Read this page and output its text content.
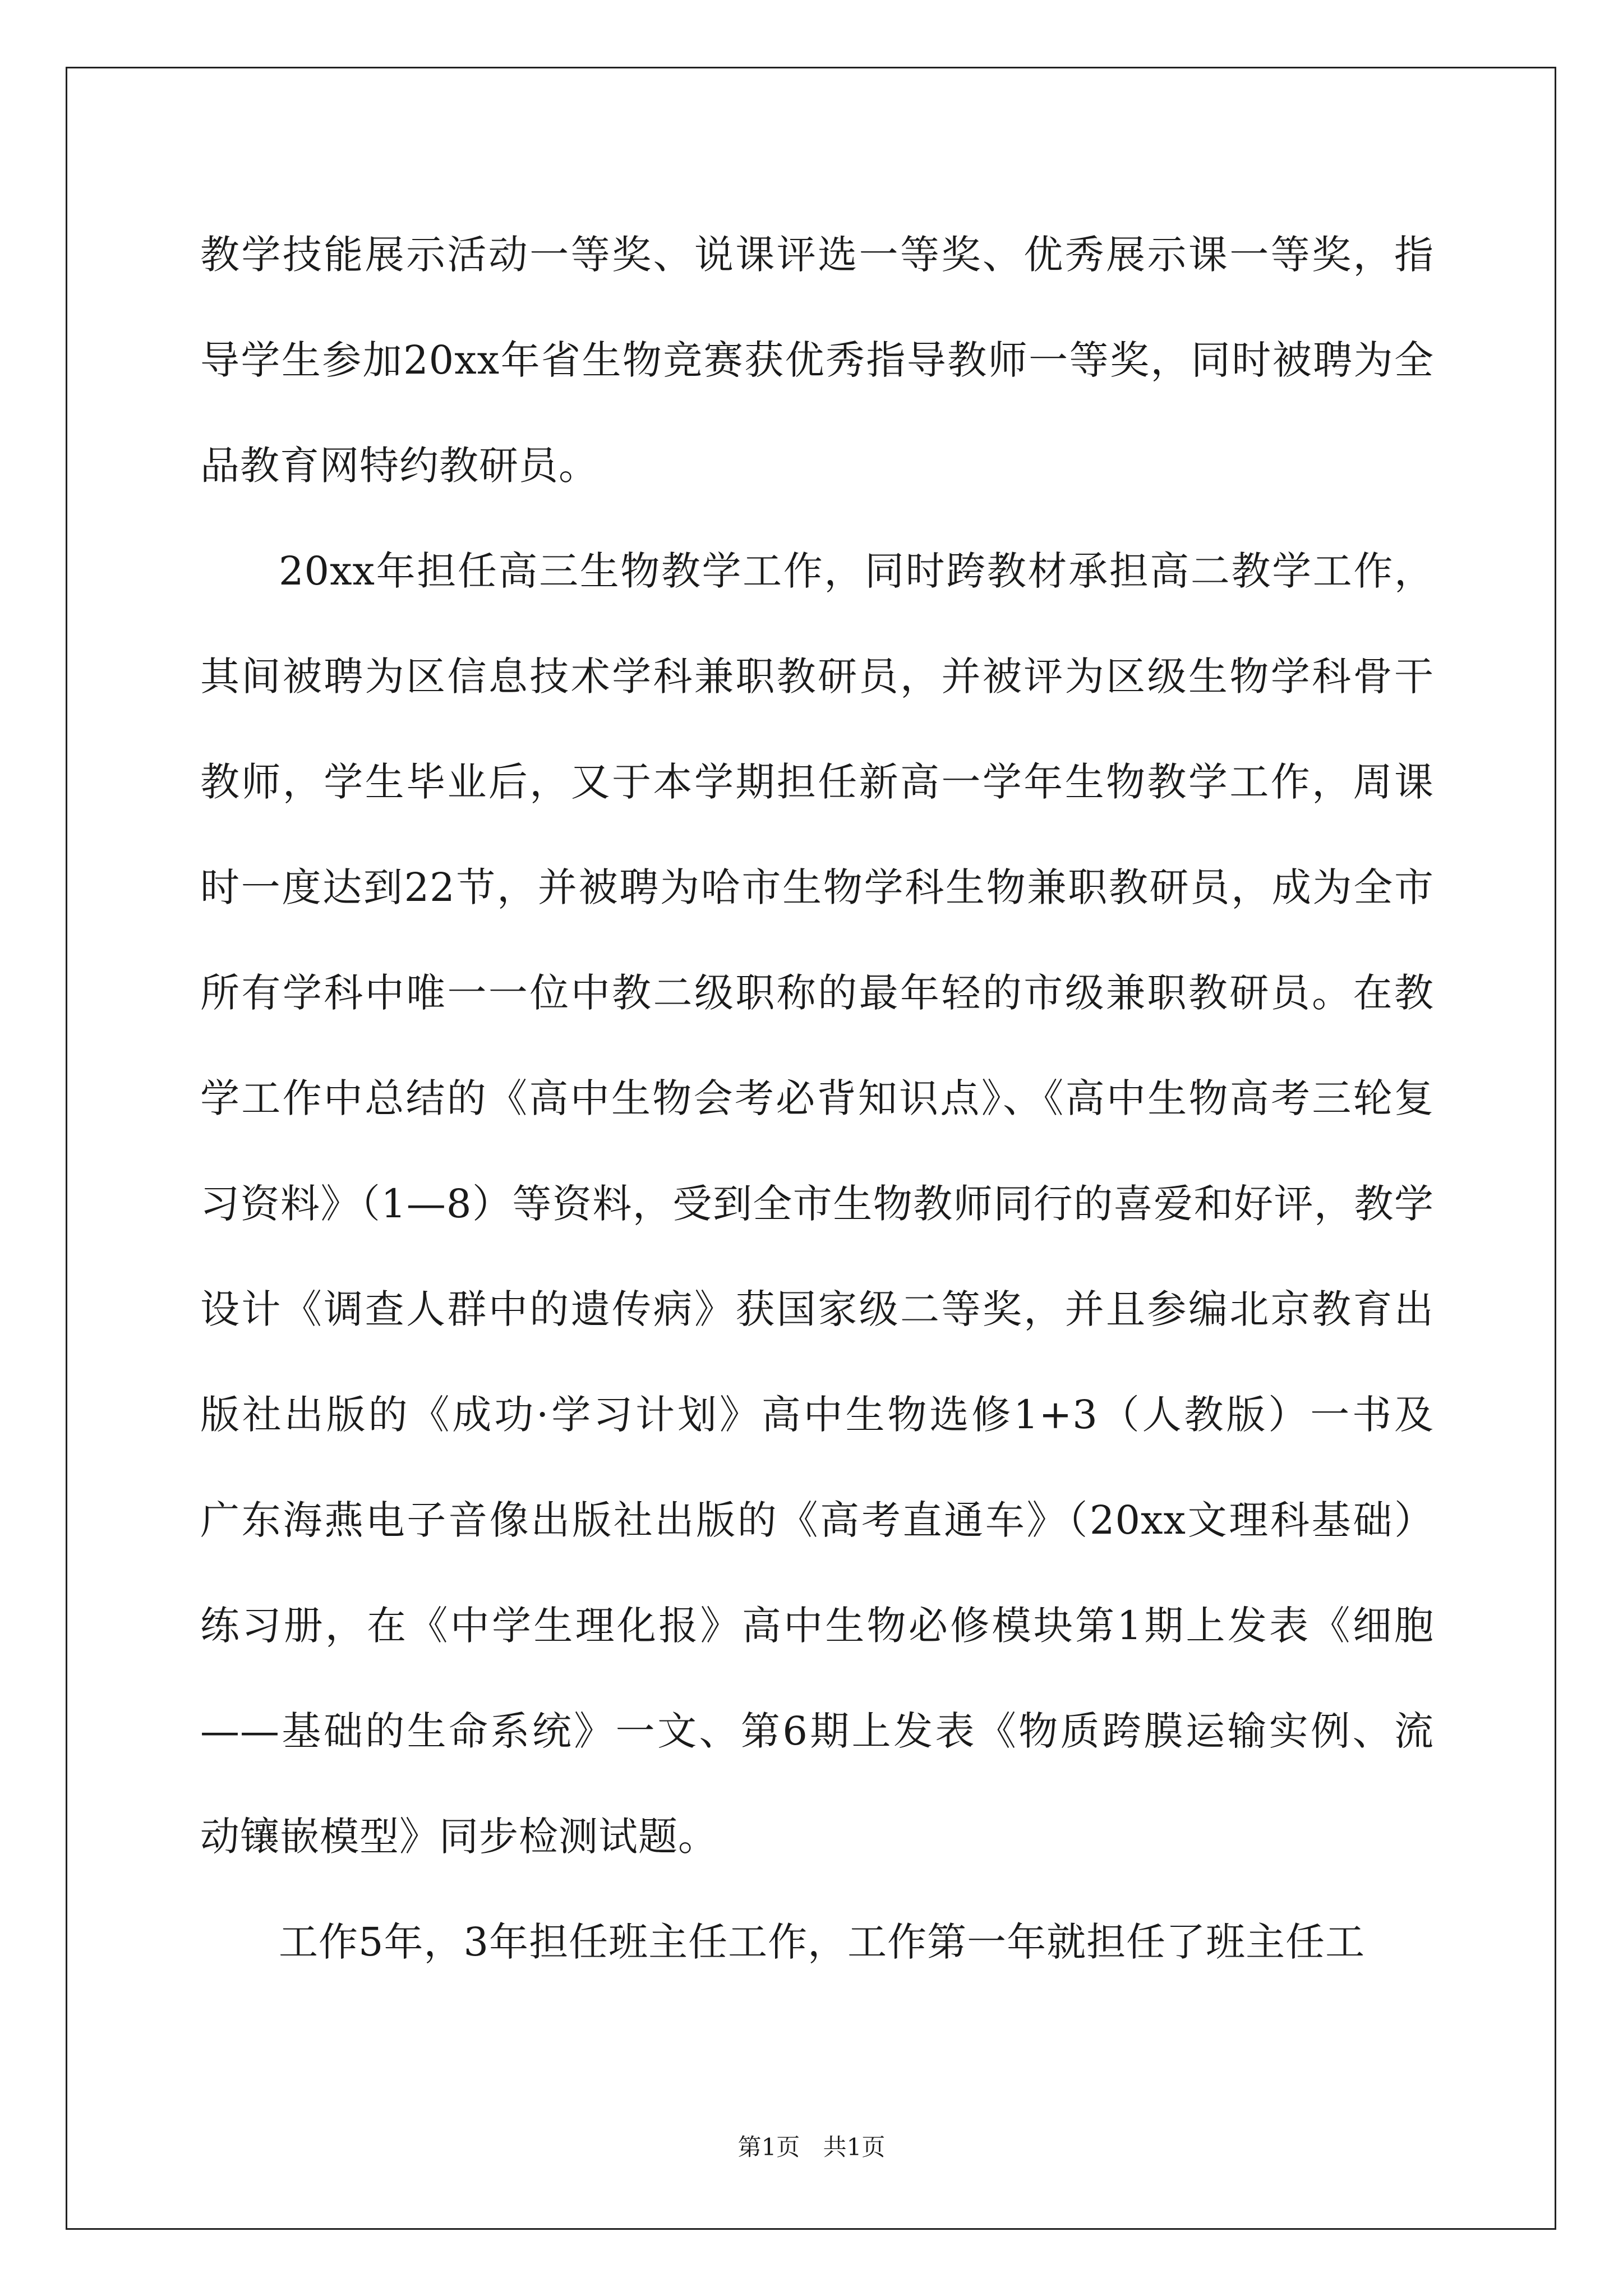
教学技能展示活动一等奖、说课评选一等奖、优秀展示课一等奖，指
导学生参加20xx年省生物竞赛获优秀指导教师一等奖，同时被聘为全
品教育网特约教研员。
20xx年担任高三生物教学工作，同时跨教材承担高二教学工作，
其间被聘为区信息技术学科兼职教研员，并被评为区级生物学科骨干
教师，学生毕业后，又于本学期担任新高一学年生物教学工作，周课
时一度达到22节，并被聘为哈市生物学科生物兼职教研员，成为全市
所有学科中唯一一位中教二级职称的最年轻的市级兼职教研员。在教
学工作中总结的《高中生物会考必背知识点》、《高中生物高考三轮复
习资料》（1—8）等资料，受到全市生物教师同行的喜爱和好评，教学
设计《调查人群中的遗传病》获国家级二等奖，并且参编北京教育出
版社出版的《成功·学习计划》高中生物选修1+3（人教版）一书及
广东海燕电子音像出版社出版的《高考直通车》（20xx文理科基础）
练习册，在《中学生理化报》高中生物必修模块第1期上发表《细胞
——基础的生命系统》一文、第6期上发表《物质跨膜运输实例、流
动镶嵌模型》同步检测试题。
工作5年，3年担任班主任工作，工作第一年就担任了班主任工
第1页 共1页
